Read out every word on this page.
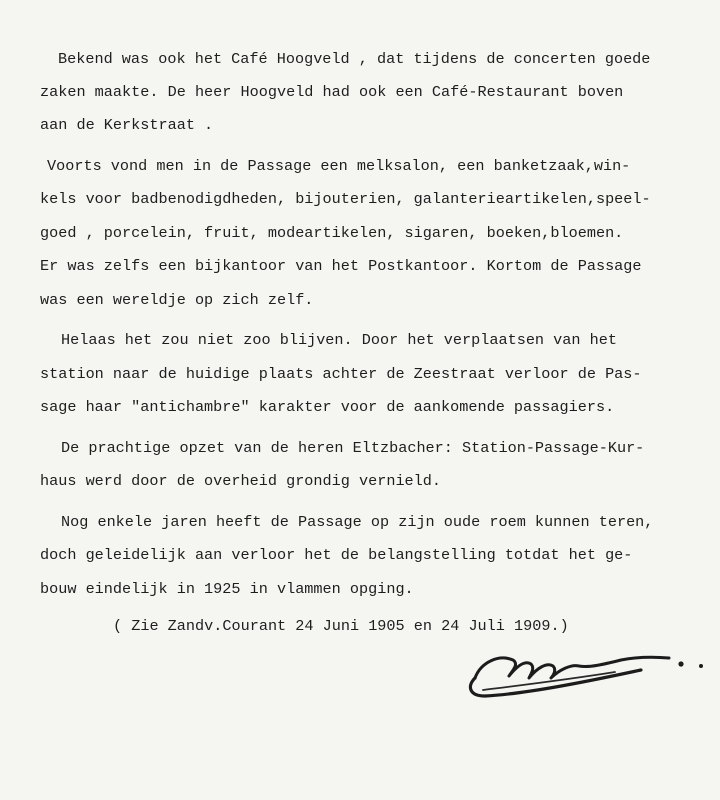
Bekend was ook het Café Hoogveld , dat tijdens de concerten goede
zaken maakte. De heer Hoogveld had ook een Café-Restaurant boven
aan de Kerkstraat .
Voorts vond men in de Passage een melksalon, een banketzaak,win-
kels voor badbenodigdheden, bijouterien, galanterieartikelen,speel-
goed , porcelein, fruit, modeartikelen, sigaren, boeken,bloemen.
Er was zelfs een bijkantoor van het Postkantoor. Kortom de Passage
was een wereldje op zich zelf.
Helaas het zou niet zoo blijven. Door het verplaatsen van het
station naar de huidige plaats achter de Zeestraat verloor de Pas-
sage haar "antichambre" karakter voor de aankomende passagiers.
De prachtige opzet van de heren Eltzbacher: Station-Passage-Kur-
haus werd door de overheid grondig vernield.
Nog enkele jaren heeft de Passage op zijn oude roem kunnen teren,
doch geleidelijk aan verloor het de belangstelling totdat het ge-
bouw eindelijk in 1925 in vlammen opging.
( Zie Zandv.Courant 24 Juni 1905 en 24 Juli 1909.)
